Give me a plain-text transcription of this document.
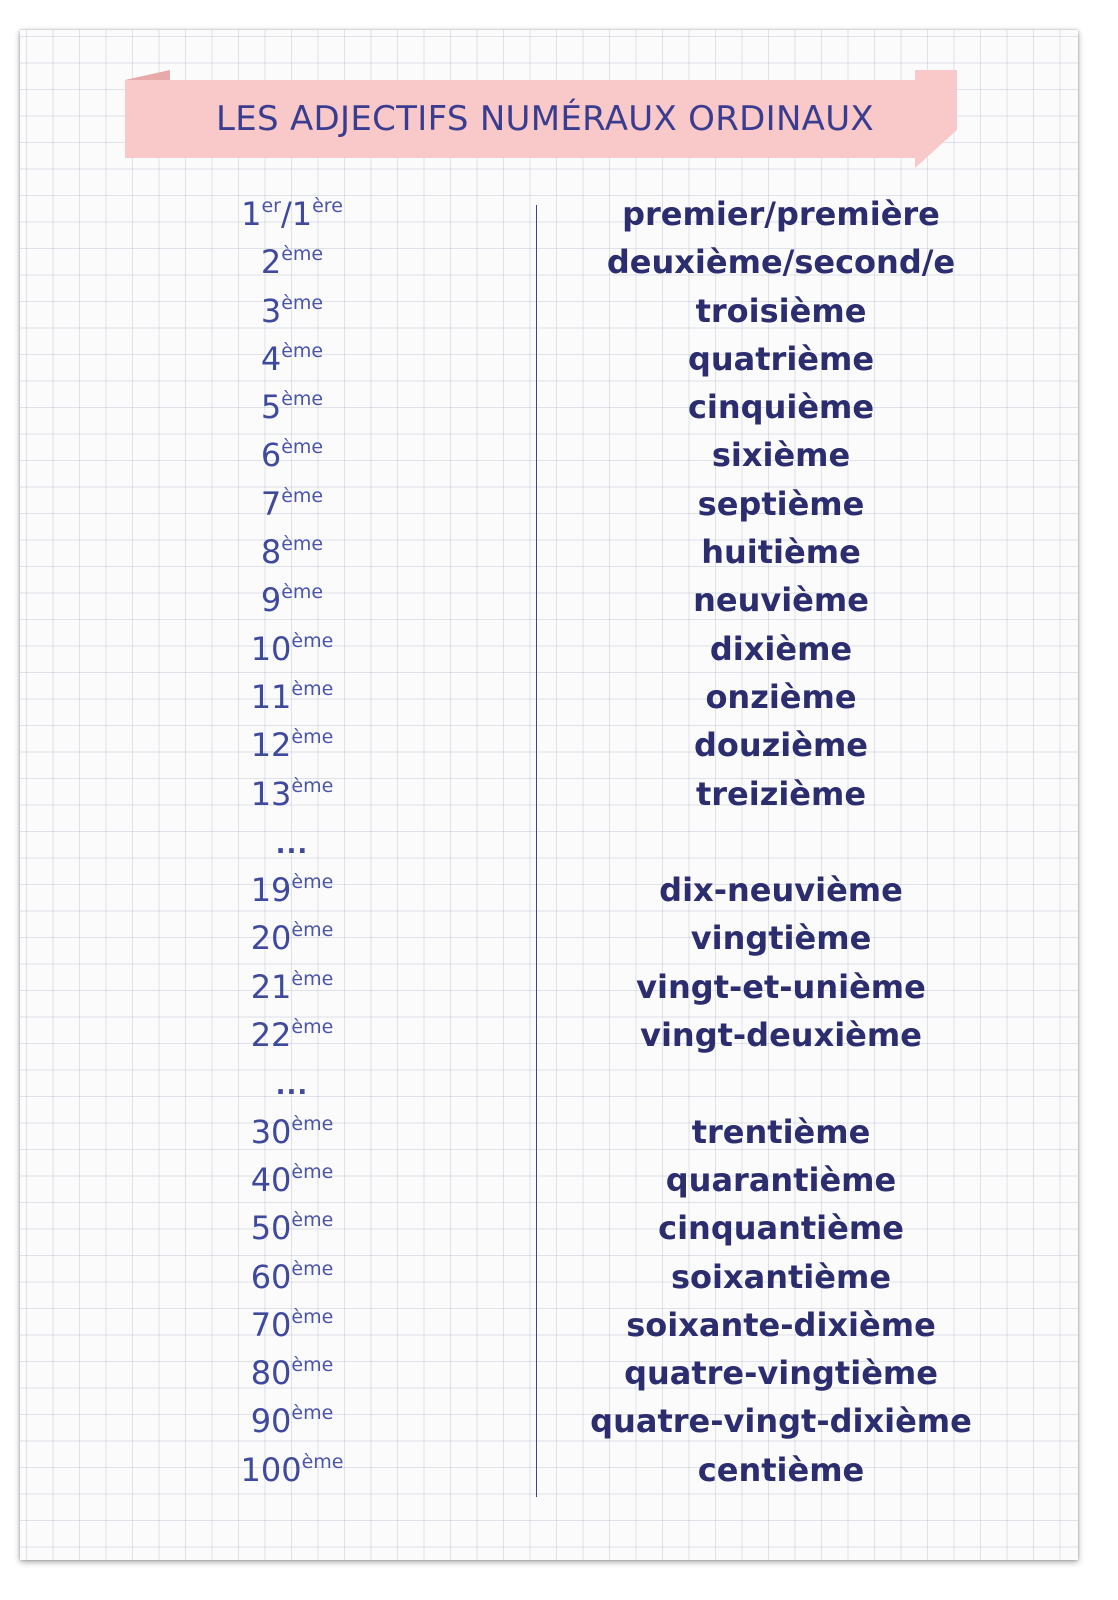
LES ADJECTIFS NUMÉRAUX ORDINAUX
1er/1ère
2ème
3ème
4ème
5ème
6ème
7ème
8ème
9ème
10ème
11ème
12ème
13ème
...
19ème
20ème
21ème
22ème
...
30ème
40ème
50ème
60ème
70ème
80ème
90ème
100ème
premier/première
deuxième/second/e
troisième
quatrième
cinquième
sixième
septième
huitième
neuvième
dixième
onzième
douzième
treizième
dix-neuvième
vingtième
vingt-et-unième
vingt-deuxième
trentième
quarantième
cinquantième
soixantième
soixante-dixième
quatre-vingtième
quatre-vingt-dixième
centième
